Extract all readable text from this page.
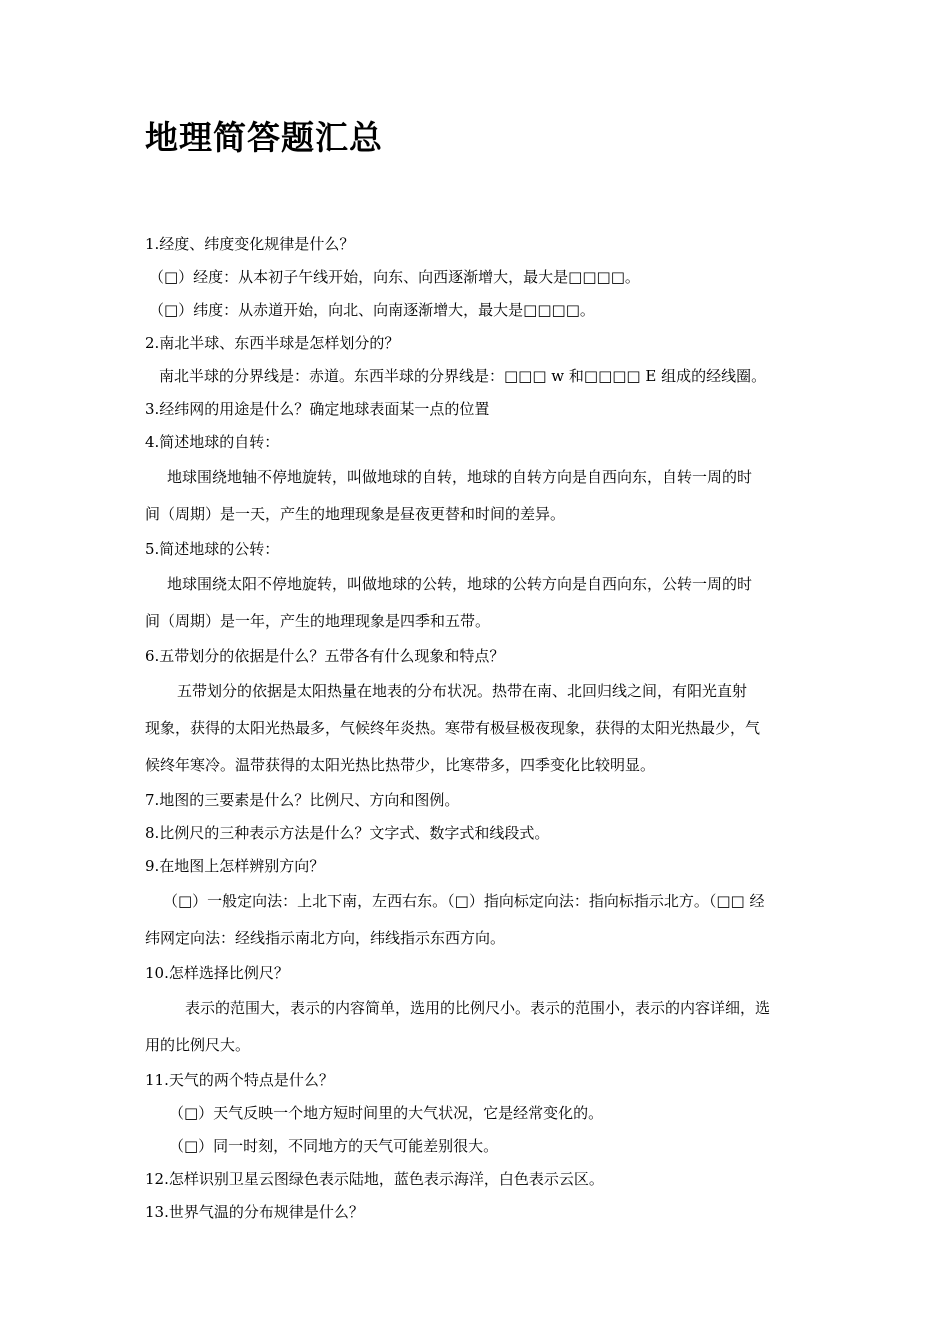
地理简答题汇总

1.经度、纬度变化规律是什么？

（□）经度：从本初子午线开始，向东、向西逐渐增大，最大是□□□□。

（□）纬度：从赤道开始，向北、向南逐渐增大，最大是□□□□。

2.南北半球、东西半球是怎样划分的？

南北半球的分界线是：赤道。东西半球的分界线是：□□□ w 和□□□□ E 组成的经线圈。

3.经纬网的用途是什么？确定地球表面某一点的位置

4.简述地球的自转：

地球围绕地轴不停地旋转，叫做地球的自转，地球的自转方向是自西向东，自转一周的时

间（周期）是一天，产生的地理现象是昼夜更替和时间的差异。

5.简述地球的公转：

地球围绕太阳不停地旋转，叫做地球的公转，地球的公转方向是自西向东，公转一周的时

间（周期）是一年，产生的地理现象是四季和五带。

6.五带划分的依据是什么？五带各有什么现象和特点？

五带划分的依据是太阳热量在地表的分布状况。热带在南、北回归线之间，有阳光直射

现象，获得的太阳光热最多，气候终年炎热。寒带有极昼极夜现象，获得的太阳光热最少，气

候终年寒冷。温带获得的太阳光热比热带少，比寒带多，四季变化比较明显。

7.地图的三要素是什么？比例尺、方向和图例。

8.比例尺的三种表示方法是什么？文字式、数字式和线段式。

9.在地图上怎样辨别方向？

（□）一般定向法：上北下南，左西右东。（□）指向标定向法：指向标指示北方。（□□ 经

纬网定向法：经线指示南北方向，纬线指示东西方向。

10.怎样选择比例尺？

表示的范围大，表示的内容简单，选用的比例尺小。表示的范围小，表示的内容详细，选

用的比例尺大。

11.天气的两个特点是什么？

（□）天气反映一个地方短时间里的大气状况，它是经常变化的。

（□）同一时刻，不同地方的天气可能差别很大。

12.怎样识别卫星云图绿色表示陆地，蓝色表示海洋，白色表示云区。

13.世界气温的分布规律是什么？
